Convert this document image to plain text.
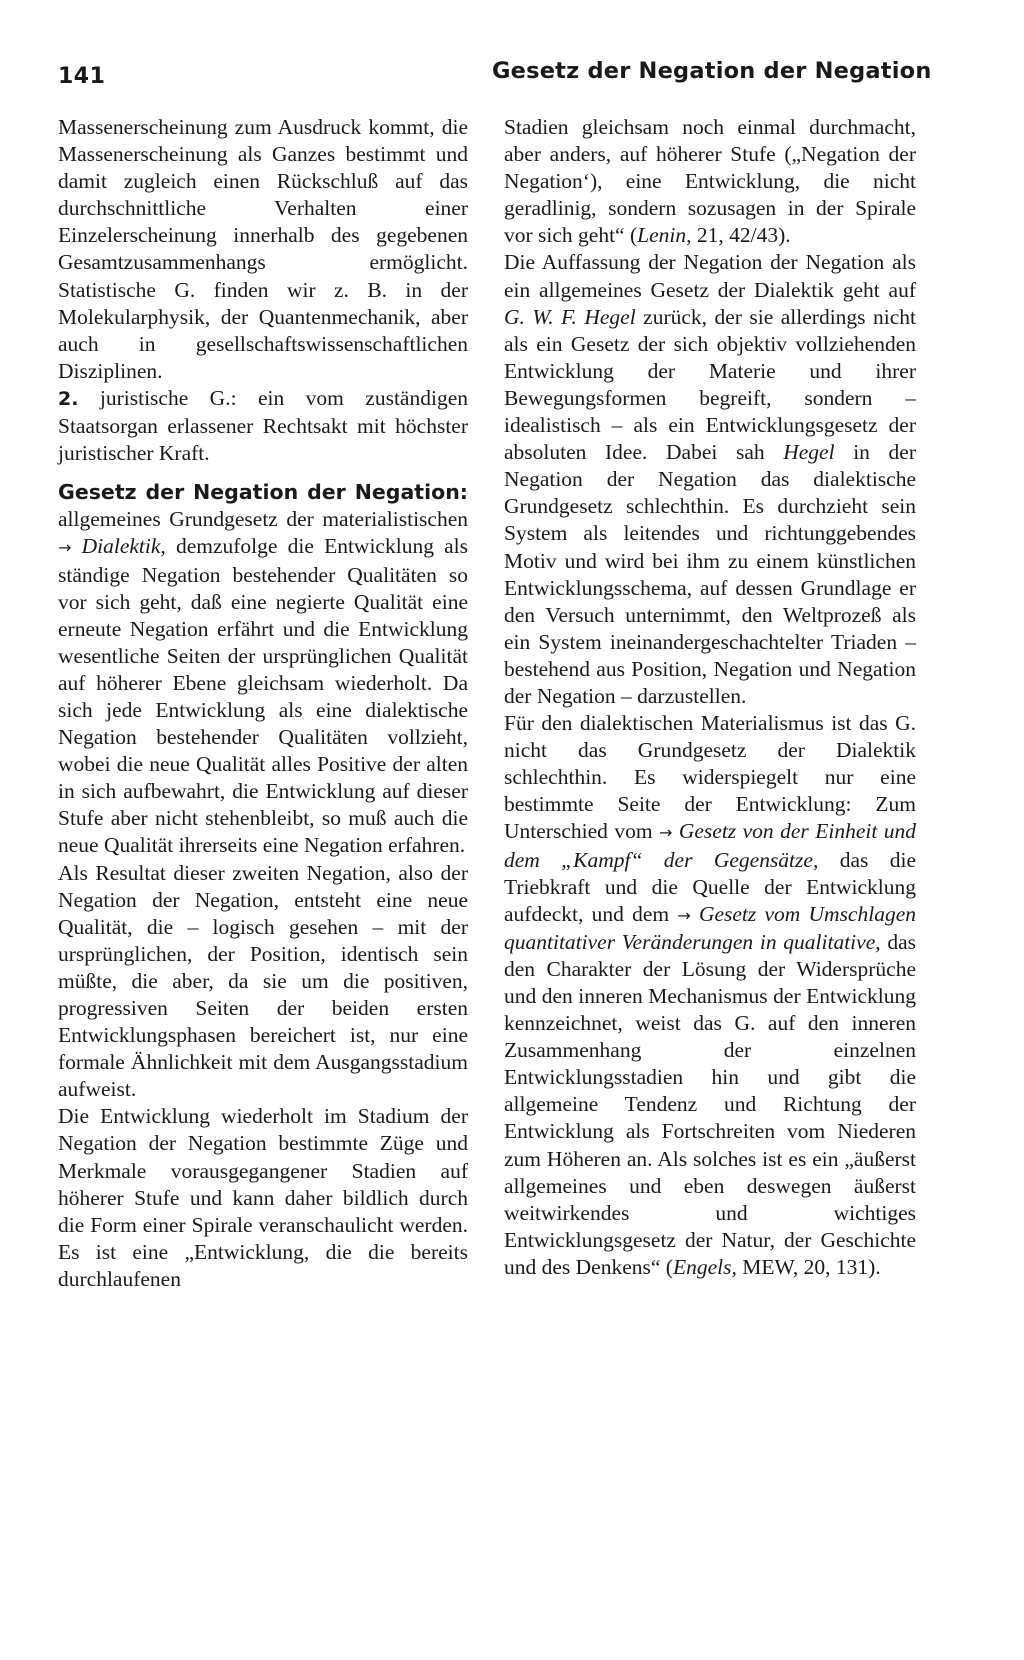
141	Gesetz der Negation der Negation

Massenerscheinung zum Ausdruck kommt, die Massenerscheinung als Ganzes bestimmt und damit zugleich einen Rückschluß auf das durchschnittliche Verhalten einer Einzelerscheinung innerhalb des gegebenen Gesamtzusammenhangs ermöglicht. Statistische G. finden wir z. B. in der Molekularphysik, der Quantenmechanik, aber auch in gesellschaftswissenschaftlichen Disziplinen.

2. juristische G.: ein vom zuständigen Staatsorgan erlassener Rechtsakt mit höchster juristischer Kraft.

Gesetz der Negation der Negation: allgemeines Grundgesetz der materialistischen → Dialektik, demzufolge die Entwicklung als ständige Negation bestehender Qualitäten so vor sich geht, daß eine negierte Qualität eine erneute Negation erfährt und die Entwicklung wesentliche Seiten der ursprünglichen Qualität auf höherer Ebene gleichsam wiederholt. Da sich jede Entwicklung als eine dialektische Negation bestehender Qualitäten vollzieht, wobei die neue Qualität alles Positive der alten in sich aufbewahrt, die Entwicklung auf dieser Stufe aber nicht stehenbleibt, so muß auch die neue Qualität ihrerseits eine Negation erfahren.

Als Resultat dieser zweiten Negation, also der Negation der Negation, entsteht eine neue Qualität, die – logisch gesehen – mit der ursprünglichen, der Position, identisch sein müßte, die aber, da sie um die positiven, progressiven Seiten der beiden ersten Entwicklungsphasen bereichert ist, nur eine formale Ähnlichkeit mit dem Ausgangsstadium aufweist.

Die Entwicklung wiederholt im Stadium der Negation der Negation bestimmte Züge und Merkmale vorausgegangener Stadien auf höherer Stufe und kann daher bildlich durch die Form einer Spirale veranschaulicht werden. Es ist eine „Entwicklung, die die bereits durchlaufenen

Stadien gleichsam noch einmal durchmacht, aber anders, auf höherer Stufe („Negation der Negation‘), eine Entwicklung, die nicht geradlinig, sondern sozusagen in der Spirale vor sich geht“ (Lenin, 21, 42/43).

Die Auffassung der Negation der Negation als ein allgemeines Gesetz der Dialektik geht auf G. W. F. Hegel zurück, der sie allerdings nicht als ein Gesetz der sich objektiv vollziehenden Entwicklung der Materie und ihrer Bewegungsformen begreift, sondern – idealistisch – als ein Entwicklungsgesetz der absoluten Idee. Dabei sah Hegel in der Negation der Negation das dialektische Grundgesetz schlechthin. Es durchzieht sein System als leitendes und richtunggebendes Motiv und wird bei ihm zu einem künstlichen Entwicklungsschema, auf dessen Grundlage er den Versuch unternimmt, den Weltprozeß als ein System ineinandergeschachtelter Triaden – bestehend aus Position, Negation und Negation der Negation – darzustellen.

Für den dialektischen Materialismus ist das G. nicht das Grundgesetz der Dialektik schlechthin. Es widerspiegelt nur eine bestimmte Seite der Entwicklung: Zum Unterschied vom → Gesetz von der Einheit und dem „Kampf“ der Gegensätze, das die Triebkraft und die Quelle der Entwicklung aufdeckt, und dem → Gesetz vom Umschlagen quantitativer Veränderungen in qualitative, das den Charakter der Lösung der Widersprüche und den inneren Mechanismus der Entwicklung kennzeichnet, weist das G. auf den inneren Zusammenhang der einzelnen Entwicklungsstadien hin und gibt die allgemeine Tendenz und Richtung der Entwicklung als Fortschreiten vom Niederen zum Höheren an. Als solches ist es ein „äußerst allgemeines und eben deswegen äußerst weitwirkendes und wichtiges Entwicklungsgesetz der Natur, der Geschichte und des Denkens“ (Engels, MEW, 20, 131).
